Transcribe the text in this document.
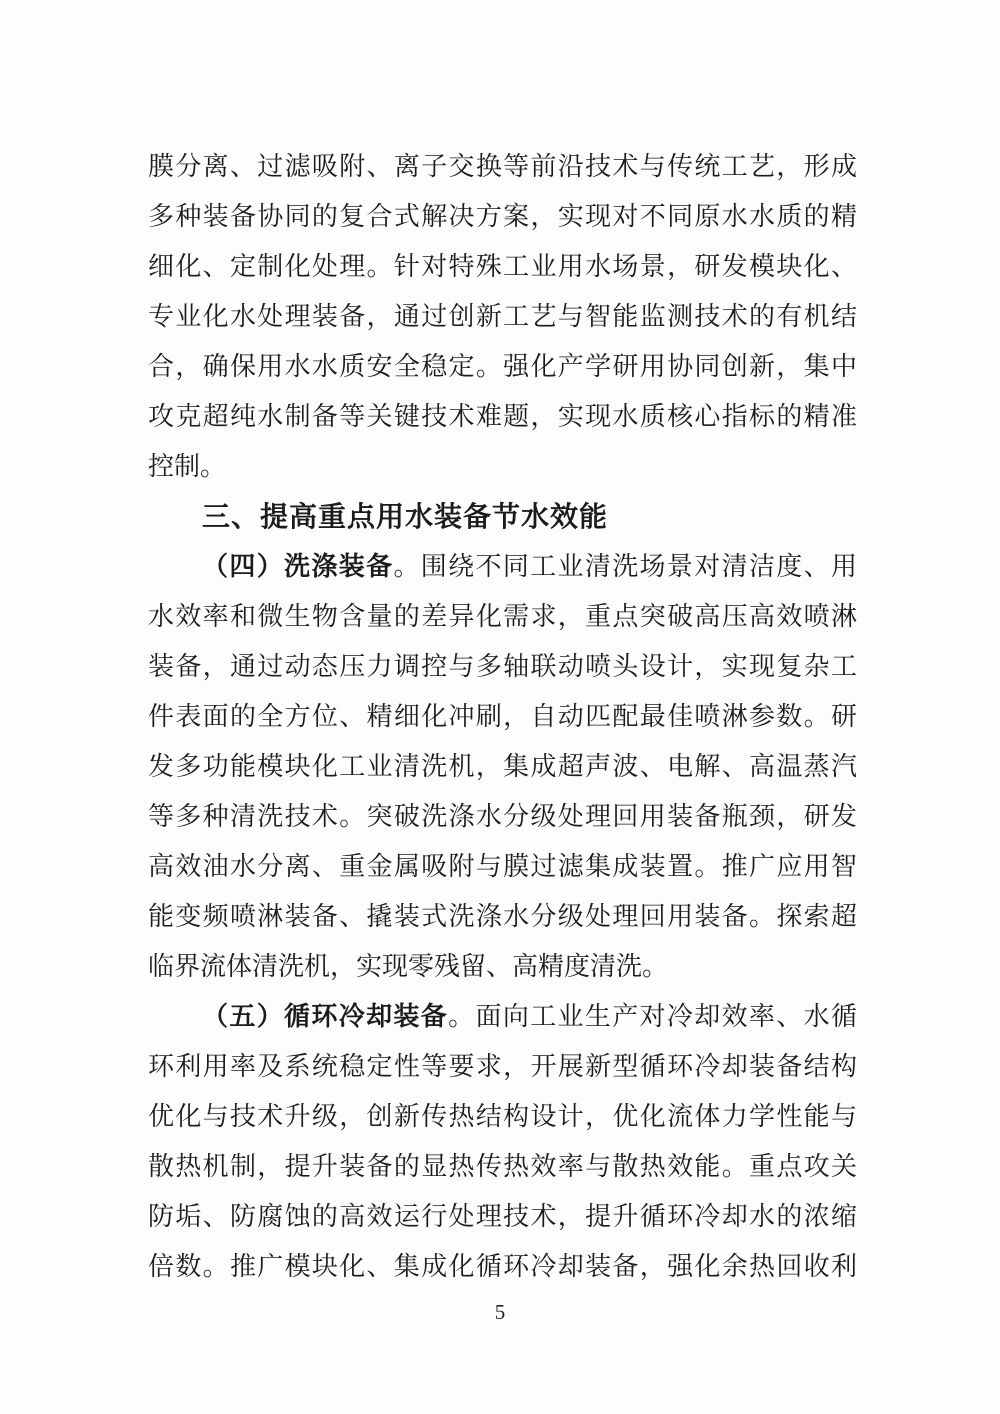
膜分离、过滤吸附、离子交换等前沿技术与传统工艺，形成
多种装备协同的复合式解决方案，实现对不同原水水质的精
细化、定制化处理。针对特殊工业用水场景，研发模块化、
专业化水处理装备，通过创新工艺与智能监测技术的有机结
合，确保用水水质安全稳定。强化产学研用协同创新，集中
攻克超纯水制备等关键技术难题，实现水质核心指标的精准
控制。
三、提高重点用水装备节水效能
（四）洗涤装备。围绕不同工业清洗场景对清洁度、用
水效率和微生物含量的差异化需求，重点突破高压高效喷淋
装备，通过动态压力调控与多轴联动喷头设计，实现复杂工
件表面的全方位、精细化冲刷，自动匹配最佳喷淋参数。研
发多功能模块化工业清洗机，集成超声波、电解、高温蒸汽
等多种清洗技术。突破洗涤水分级处理回用装备瓶颈，研发
高效油水分离、重金属吸附与膜过滤集成装置。推广应用智
能变频喷淋装备、撬装式洗涤水分级处理回用装备。探索超
临界流体清洗机，实现零残留、高精度清洗。
（五）循环冷却装备。面向工业生产对冷却效率、水循
环利用率及系统稳定性等要求，开展新型循环冷却装备结构
优化与技术升级，创新传热结构设计，优化流体力学性能与
散热机制，提升装备的显热传热效率与散热效能。重点攻关
防垢、防腐蚀的高效运行处理技术，提升循环冷却水的浓缩
倍数。推广模块化、集成化循环冷却装备，强化余热回收利
5
